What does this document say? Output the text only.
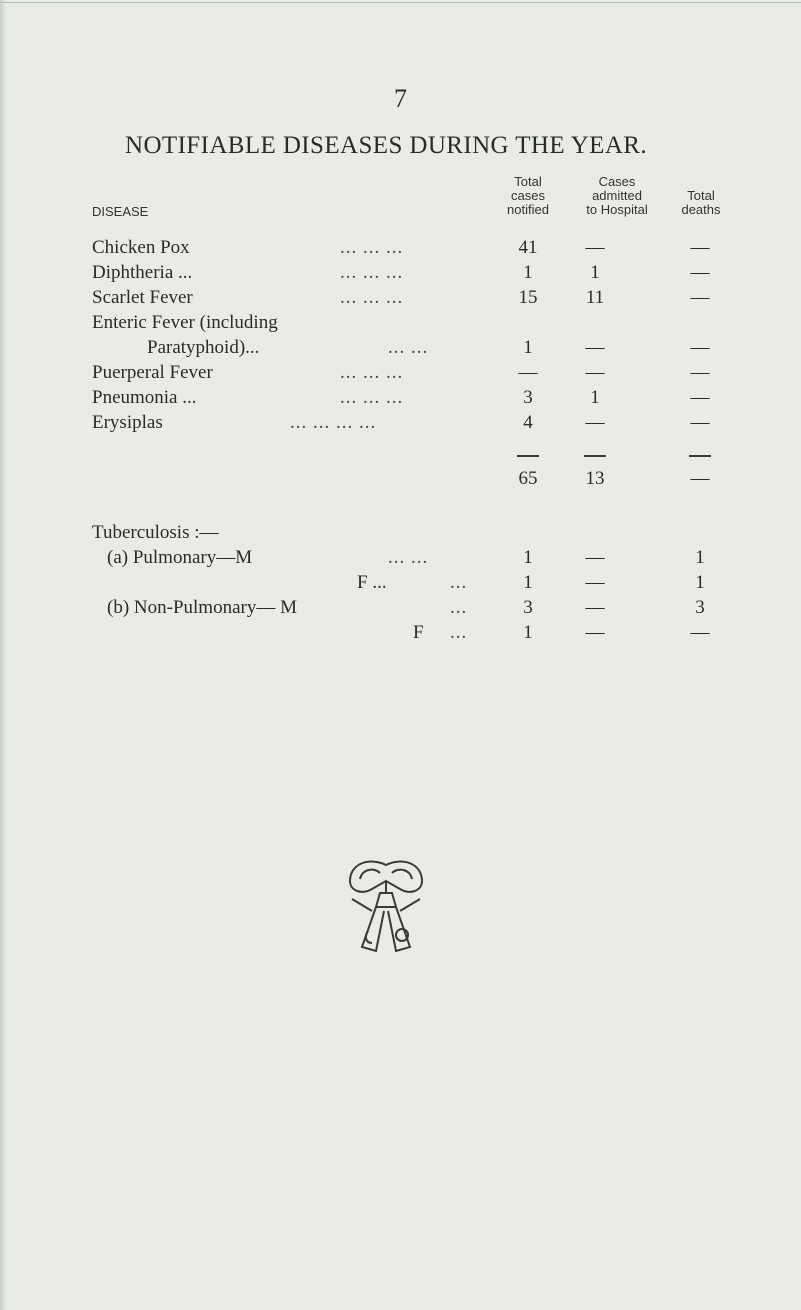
7
NOTIFIABLE DISEASES DURING THE YEAR.
DISEASE
Total
cases
notified
Cases
admitted
to Hospital
Total
deaths
Chicken Pox	... ... ...	41	—	—
Diphtheria ...	... ... ...	1	1	—
Scarlet Fever	... ... ...	15	11	—
Enteric Fever (including
Paratyphoid)...	... ...	1	—	—
Puerperal Fever	... ... ...	—	—	—
Pneumonia ...	... ... ...	3	1	—
Erysiplas	... ... ... ...	4	—	—
65	13	—
Tuberculosis :—
(a) Pulmonary—M	... ...	1	—	1
F ...	...	1	—	1
(b) Non-Pulmonary— M	...	3	—	3
F ...	1	—	—
